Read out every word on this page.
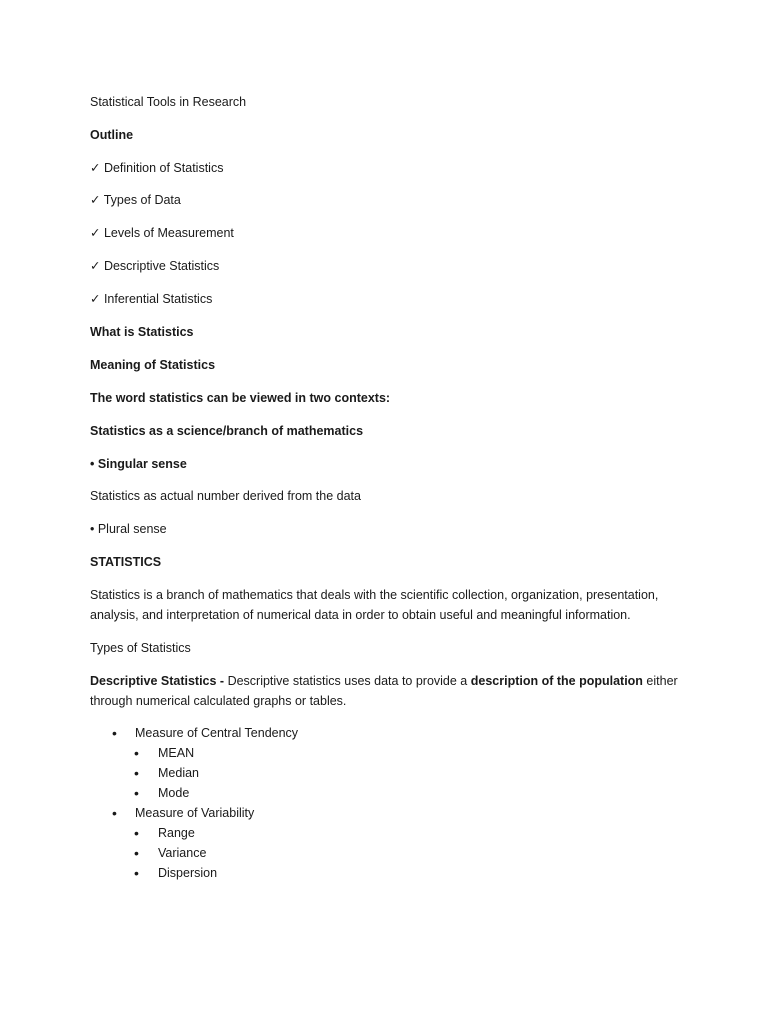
Statistical Tools in Research

Outline

✓ Definition of Statistics

✓ Types of Data

✓ Levels of Measurement

✓ Descriptive Statistics

✓ Inferential Statistics

What is Statistics

Meaning of Statistics

The word statistics can be viewed in two contexts:

Statistics as a science/branch of mathematics

• Singular sense

Statistics as actual number derived from the data

• Plural sense

STATISTICS

Statistics is a branch of mathematics that deals with the scientific collection, organization, presentation, analysis, and interpretation of numerical data in order to obtain useful and meaningful information.

Types of Statistics

Descriptive Statistics - Descriptive statistics uses data to provide a description of the population either through numerical calculated graphs or tables.

• Measure of Central Tendency
• MEAN
• Median
• Mode
• Measure of Variability
• Range
• Variance
• Dispersion
